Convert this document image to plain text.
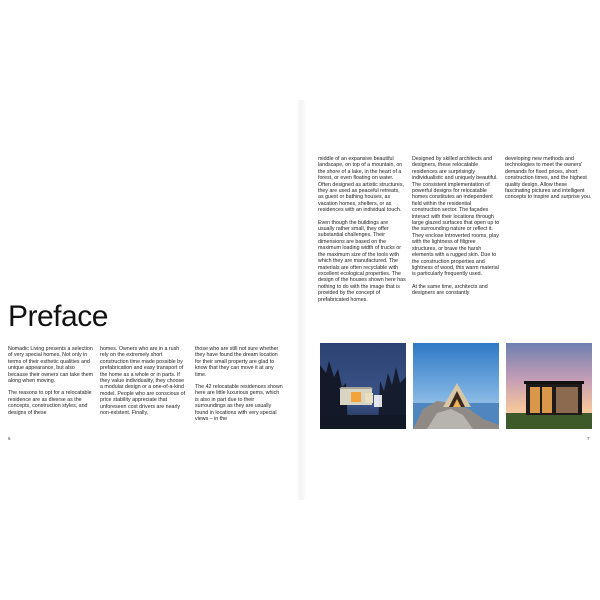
Preface

Nomadic Living presents a selection of very special homes. Not only in terms of their esthetic qualities and unique appearance, but also because their owners can take them along when moving.

The reasons to opt for a relocatable residence are as diverse as the concepts, construction styles, and designs of these

homes. Owners who are in a rush rely on the extremely short construction time made possible by prefabrication and easy transport of the home as a whole or in parts. If they value individuality, they choose a modular design or a one-of-a-kind model. People who are conscious of price stability appreciate that unforeseen cost drivers are nearly non-existent. Finally,

those who are still not sure whether they have found the dream location for their small property are glad to know that they can move it at any time.

The 42 relocatable residences shown here are little luxurious gems, which is also in part due to their surroundings as they are usually found in locations with very special views – in the

6

middle of an expansive beautiful landscape, on top of a mountain, on the shore of a lake, in the heart of a forest, or even floating on water. Often designed as artistic structures, they are used as peaceful retreats, as guest or bathing houses, as vacation homes, shelters, or as residences with an individual touch.

Even though the buildings are usually rather small, they offer substantial challenges. Their dimensions are based on the maximum loading width of trucks or the maximum size of the tools with which they are manufactured. The materials are often recyclable with excellent ecological properties. The design of the houses shown here has nothing to do with the image that is provided by the concept of prefabricated homes.

Designed by skilled architects and designers, these relocatable residences are surprisingly individualistic and uniquely beautiful. The consistent implementation of powerful designs for relocatable homes constitutes an independent field within the residential construction sector. The façades interact with their locations through large glazed surfaces that open up to the surrounding nature or reflect it. They enclose introverted rooms, play with the lightness of filigree structures, or brave the harsh elements with a rugged skin. Due to the construction properties and lightness of wood, this warm material is particularly frequently used.

At the same time, architects and designers are constantly

developing new methods and technologies to meet the owners' demands for fixed prices, short construction times, and the highest quality design. Allow these fascinating pictures and intelligent concepts to inspire and surprise you.

7
